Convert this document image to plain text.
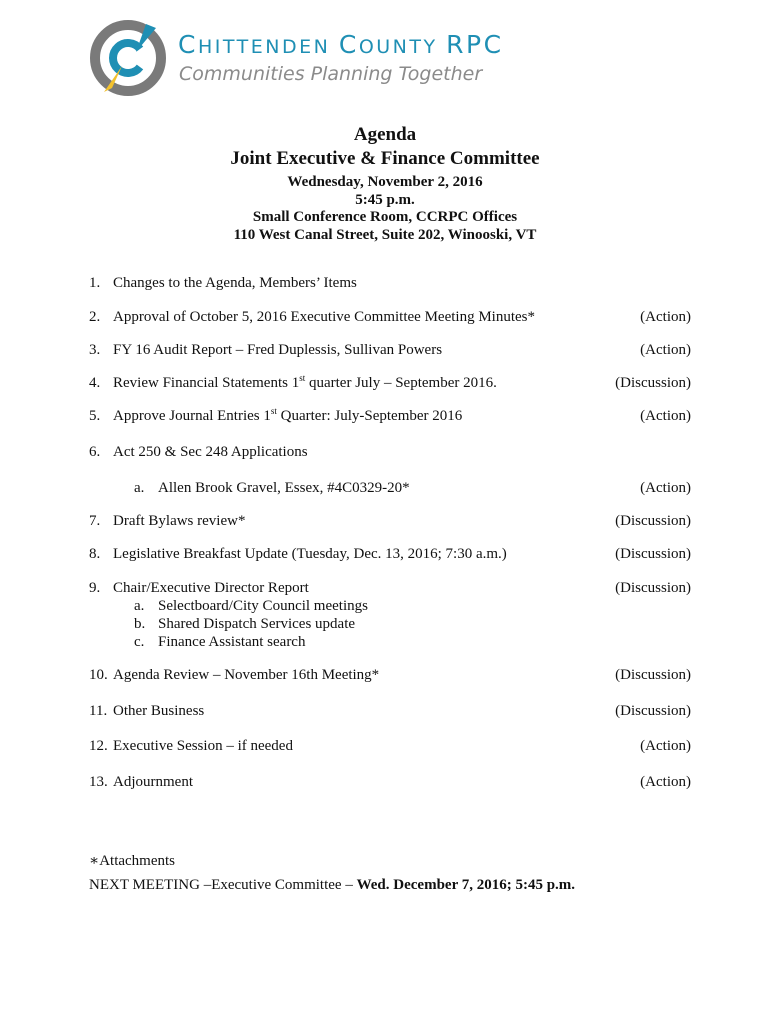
CHITTENDEN COUNTY RPC
Communities Planning Together
Agenda
Joint Executive & Finance Committee
Wednesday, November 2, 2016
5:45 p.m.
Small Conference Room, CCRPC Offices
110 West Canal Street, Suite 202, Winooski, VT
1. Changes to the Agenda, Members’ Items
2. Approval of October 5, 2016 Executive Committee Meeting Minutes*	(Action)
3. FY 16 Audit Report – Fred Duplessis, Sullivan Powers	(Action)
4. Review Financial Statements 1st quarter July – September 2016.	(Discussion)
5. Approve Journal Entries 1st Quarter: July-September 2016	(Action)
6. Act 250 & Sec 248 Applications
a. Allen Brook Gravel, Essex, #4C0329-20*	(Action)
7. Draft Bylaws review*	(Discussion)
8. Legislative Breakfast Update (Tuesday, Dec. 13, 2016; 7:30 a.m.)	(Discussion)
9. Chair/Executive Director Report	(Discussion)
a. Selectboard/City Council meetings
b. Shared Dispatch Services update
c. Finance Assistant search
10. Agenda Review – November 16th Meeting*	(Discussion)
11. Other Business	(Discussion)
12. Executive Session – if needed	(Action)
13. Adjournment	(Action)
∗Attachments
NEXT MEETING –Executive Committee – Wed. December 7, 2016; 5:45 p.m.
